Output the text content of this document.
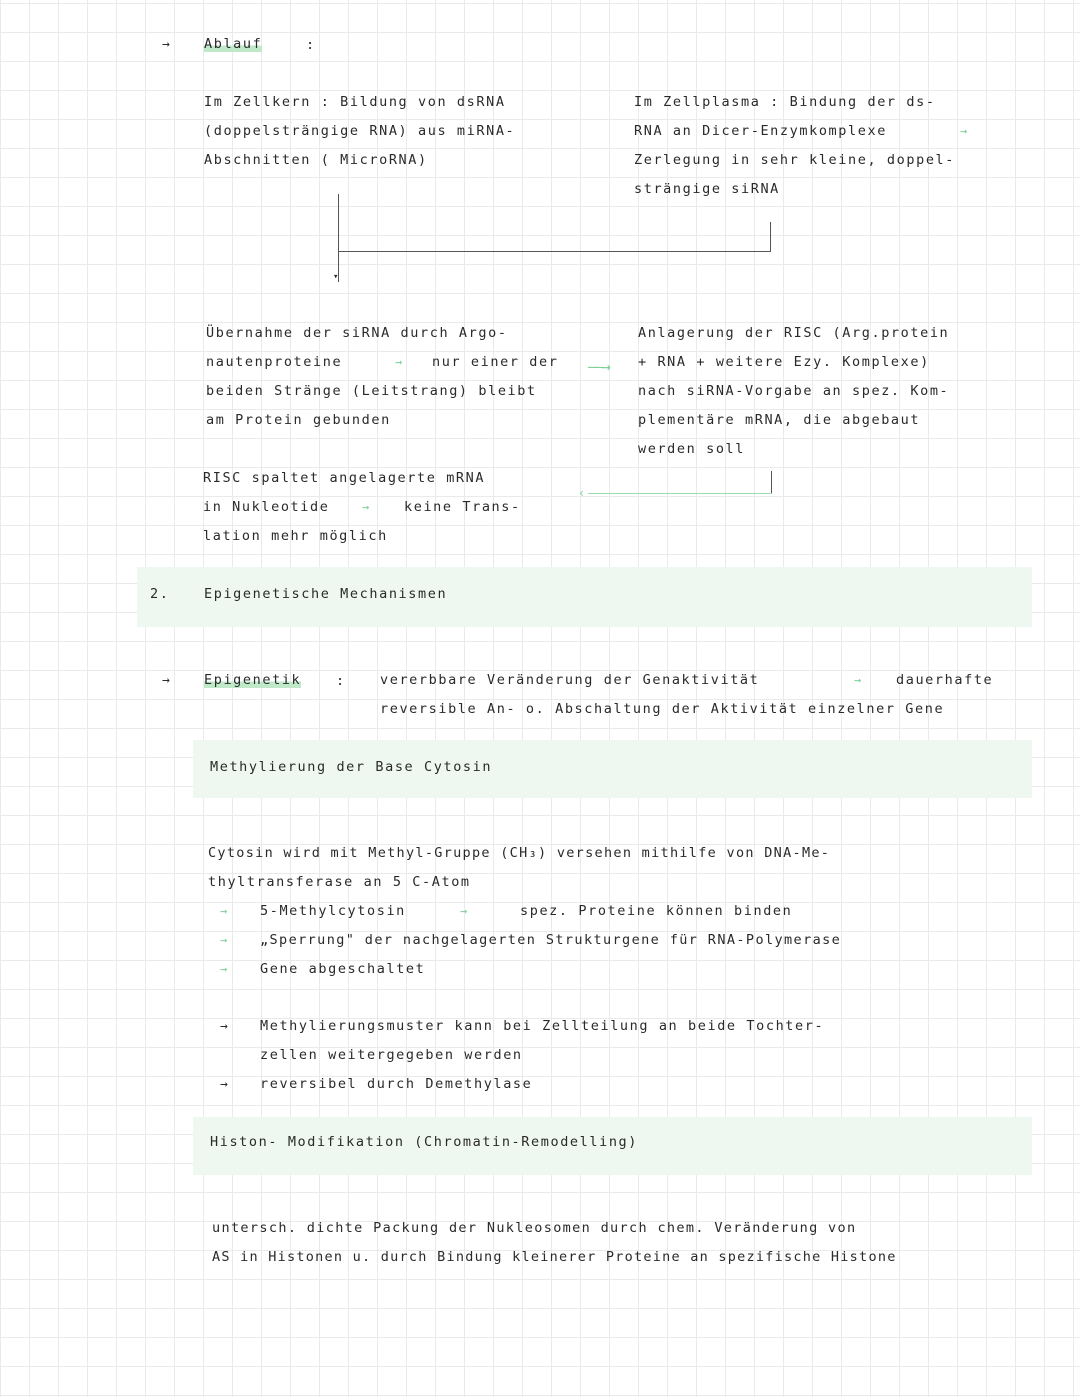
→	Ablauf	:
Im Zellkern : Bildung von dsRNA
(doppelsträngige RNA) aus miRNA-
Abschnitten ( MicroRNA)
Im Zellplasma : Bindung der ds-
RNA an Dicer-Enzymkomplexe	→
Zerlegung in sehr kleine, doppel-
strängige siRNA
▾
Übernahme der siRNA durch Argo-
nautenproteine	→ nur einer der
beiden Stränge (Leitstrang) bleibt
am Protein gebunden
——→
Anlagerung der RISC (Arg.protein
+ RNA + weitere Ezy. Komplexe)
nach siRNA-Vorgabe an spez. Kom-
plementäre mRNA, die abgebaut
werden soll
‹
RISC spaltet angelagerte mRNA
in Nukleotide	→	keine Trans-
lation mehr möglich
2.	Epigenetische Mechanismen
→	Epigenetik	:	vererbbare Veränderung der Genaktivität	→	dauerhafte
reversible An- o. Abschaltung der Aktivität einzelner Gene
Methylierung der Base Cytosin
Cytosin wird mit Methyl-Gruppe (CH₃) versehen mithilfe von DNA-Me-
thyltransferase an 5 C-Atom
→ 5-Methylcytosin	→	spez. Proteine können binden
→ „Sperrung" der nachgelagerten Strukturgene für RNA-Polymerase
→ Gene abgeschaltet
→ Methylierungsmuster kann bei Zellteilung an beide Tochter-
zellen weitergegeben werden
→ reversibel durch Demethylase
Histon- Modifikation (Chromatin-Remodelling)
untersch. dichte Packung der Nukleosomen durch chem. Veränderung von
AS in Histonen u. durch Bindung kleinerer Proteine an spezifische Histone
